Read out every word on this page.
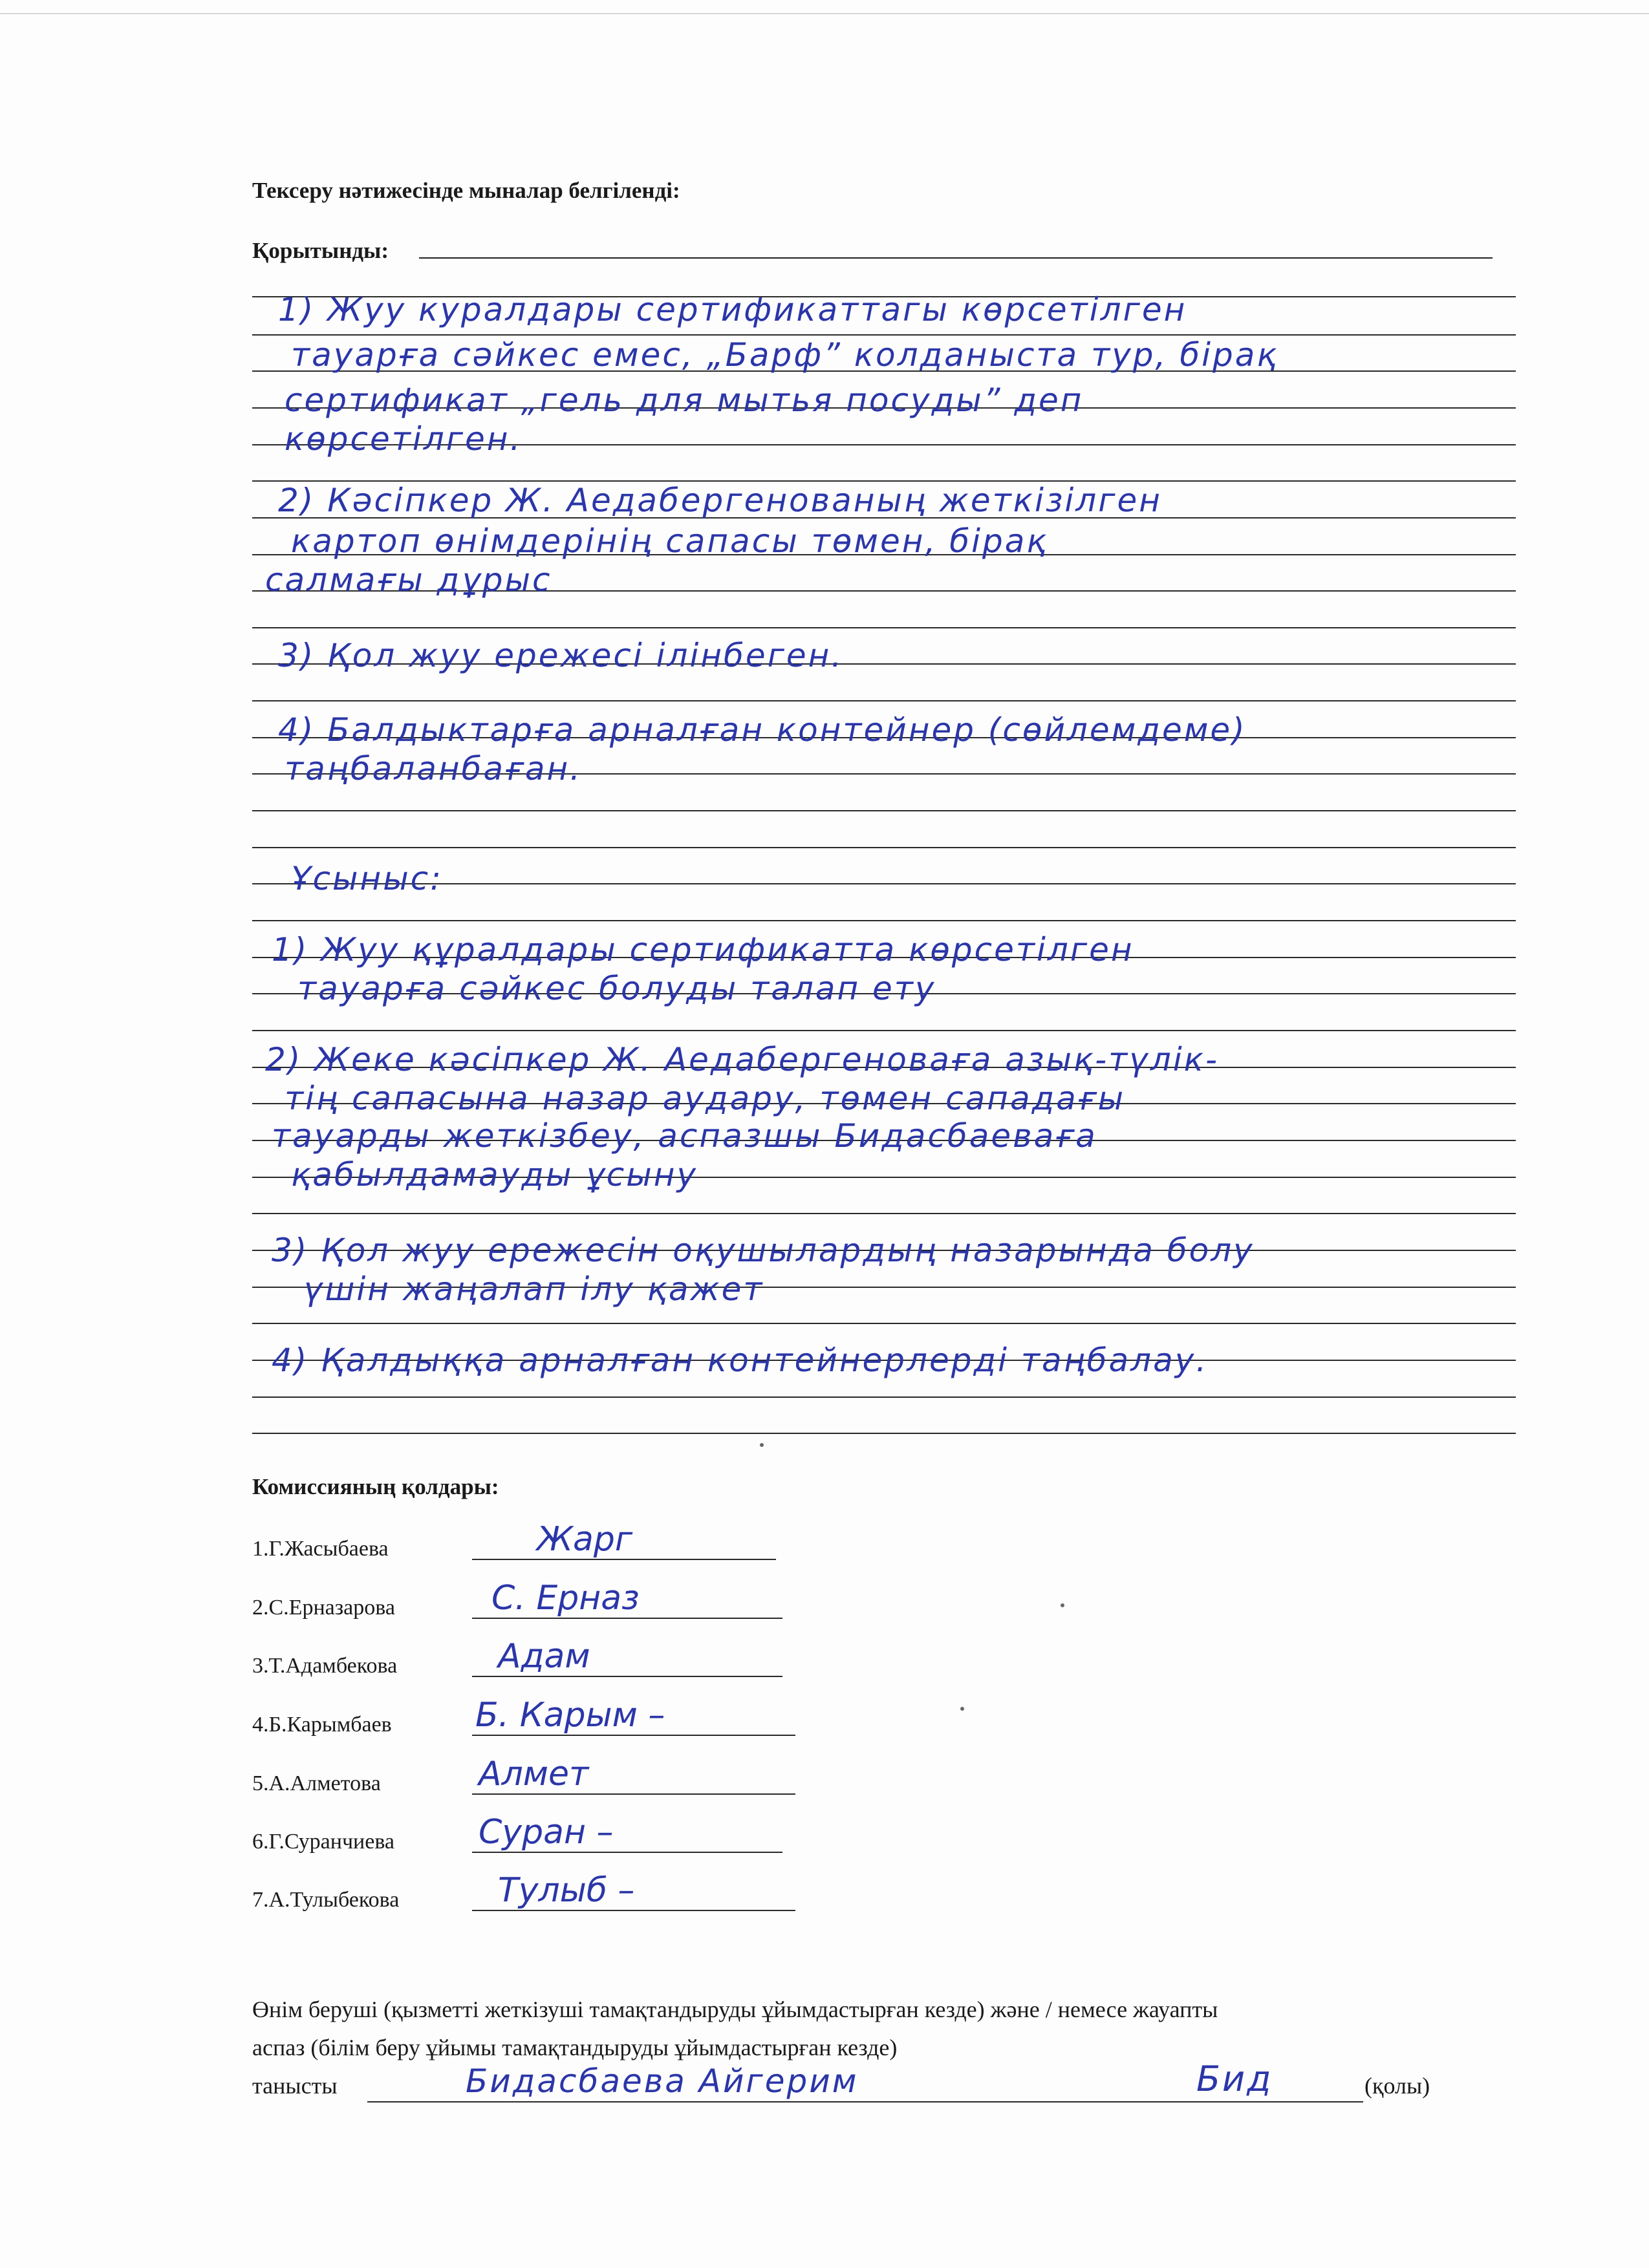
Тексеру нәтижесінде мыналар белгіленді:
Қорытынды:
1) Жуу куралдары сертификаттагы көрсетілген
тауарға сәйкес емес, „Барф” колданыста тур, бірақ
сертификат „гель для мытья посуды” деп
көрсетілген.
2) Кәсіпкер Ж. Аедабергенованың жеткізілген
картоп өнімдерінің сапасы төмен, бірақ
салмағы дұрыс
3) Қол жуу ережесі ілінбеген.
4) Балдыктарға арналған контейнер (сөйлемдеме)
таңбаланбаған.
Ұсыныс:
1) Жуу құралдары сертификатта көрсетілген
тауарға сәйкес болуды талап ету
2) Жеке кәсіпкер Ж. Аедабергеноваға азық-түлік-
тің сапасына назар аудару, төмен сападағы
тауарды жеткізбеу, аспазшы Бидасбаеваға
қабылдамауды ұсыну
3) Қол жуу ережесін оқушылардың назарында болу
үшін жаңалап ілу қажет
4) Қалдыққа арналған контейнерлерді таңбалау.
Комиссияның қолдары:
1.Г.Жасыбаева	Жарг
2.С.Ерназарова	С. Ерназ
3.Т.Адамбекова	Адам
4.Б.Карымбаев Б. Карым –
5.А.Алметова	Алмет
6.Г.Суранчиева Суран –
7.А.Тулыбекова	Тулыб –
Өнім беруші (қызметті жеткізуші тамақтандыруды ұйымдастырған кезде) және / немесе жауапты
аспаз (білім беру ұйымы тамақтандыруды ұйымдастырған кезде)
танысты	Бидасбаева Айгерим	Бид	(қолы)
